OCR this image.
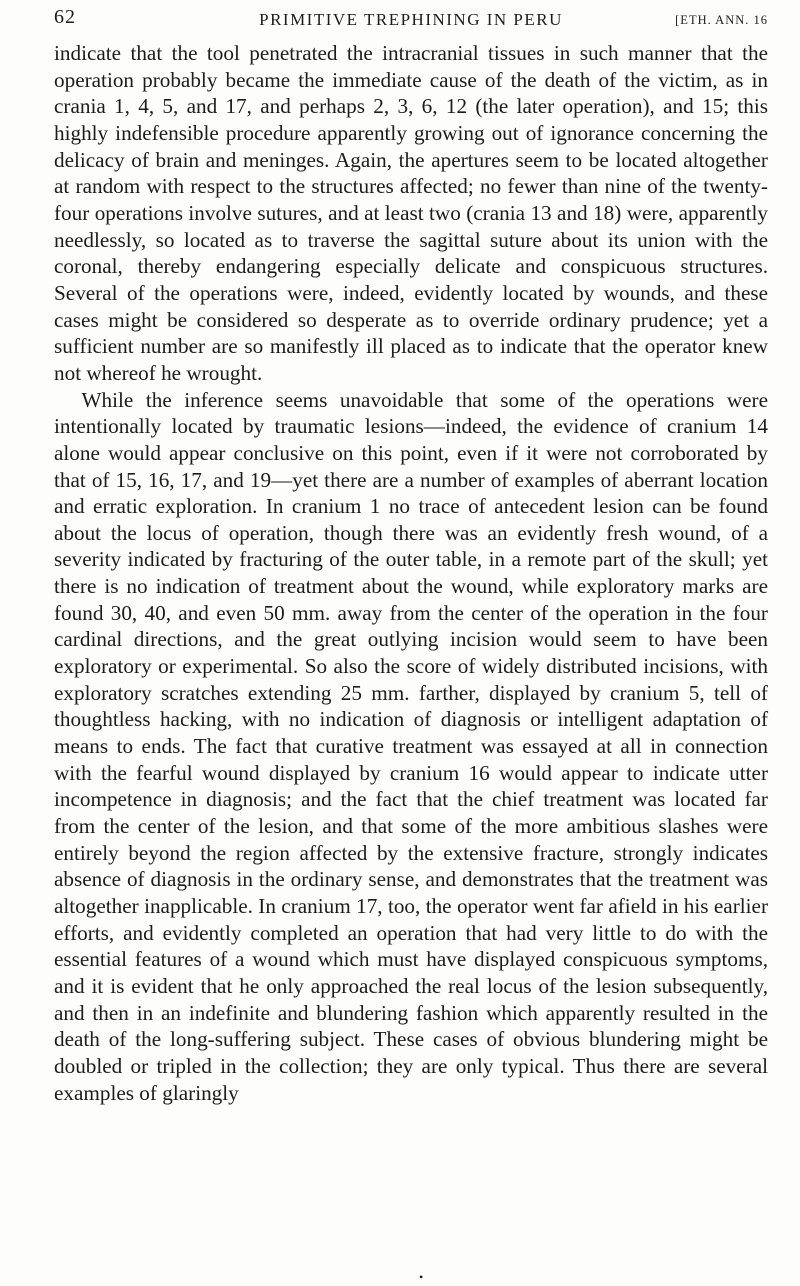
62	PRIMITIVE TREPHINING IN PERU	[ETH. ANN. 16

indicate that the tool penetrated the intracranial tissues in such manner that the operation probably became the immediate cause of the death of the victim, as in crania 1, 4, 5, and 17, and perhaps 2, 3, 6, 12 (the later operation), and 15; this highly indefensible procedure apparently growing out of ignorance concerning the delicacy of brain and meninges. Again, the apertures seem to be located altogether at random with respect to the structures affected; no fewer than nine of the twenty-four operations involve sutures, and at least two (crania 13 and 18) were, apparently needlessly, so located as to traverse the sagittal suture about its union with the coronal, thereby endangering especially delicate and conspicuous structures. Several of the operations were, indeed, evidently located by wounds, and these cases might be considered so desperate as to override ordinary prudence; yet a sufficient number are so manifestly ill placed as to indicate that the operator knew not whereof he wrought.

While the inference seems unavoidable that some of the operations were intentionally located by traumatic lesions—indeed, the evidence of cranium 14 alone would appear conclusive on this point, even if it were not corroborated by that of 15, 16, 17, and 19—yet there are a number of examples of aberrant location and erratic exploration. In cranium 1 no trace of antecedent lesion can be found about the locus of operation, though there was an evidently fresh wound, of a severity indicated by fracturing of the outer table, in a remote part of the skull; yet there is no indication of treatment about the wound, while exploratory marks are found 30, 40, and even 50 mm. away from the center of the operation in the four cardinal directions, and the great outlying incision would seem to have been exploratory or experimental. So also the score of widely distributed incisions, with exploratory scratches extending 25 mm. farther, displayed by cranium 5, tell of thoughtless hacking, with no indication of diagnosis or intelligent adaptation of means to ends. The fact that curative treatment was essayed at all in connection with the fearful wound displayed by cranium 16 would appear to indicate utter incompetence in diagnosis; and the fact that the chief treatment was located far from the center of the lesion, and that some of the more ambitious slashes were entirely beyond the region affected by the extensive fracture, strongly indicates absence of diagnosis in the ordinary sense, and demonstrates that the treatment was altogether inapplicable. In cranium 17, too, the operator went far afield in his earlier efforts, and evidently completed an operation that had very little to do with the essential features of a wound which must have displayed conspicuous symptoms, and it is evident that he only approached the real locus of the lesion subsequently, and then in an indefinite and blundering fashion which apparently resulted in the death of the long-suffering subject. These cases of obvious blundering might be doubled or tripled in the collection; they are only typical. Thus there are several examples of glaringly

•
